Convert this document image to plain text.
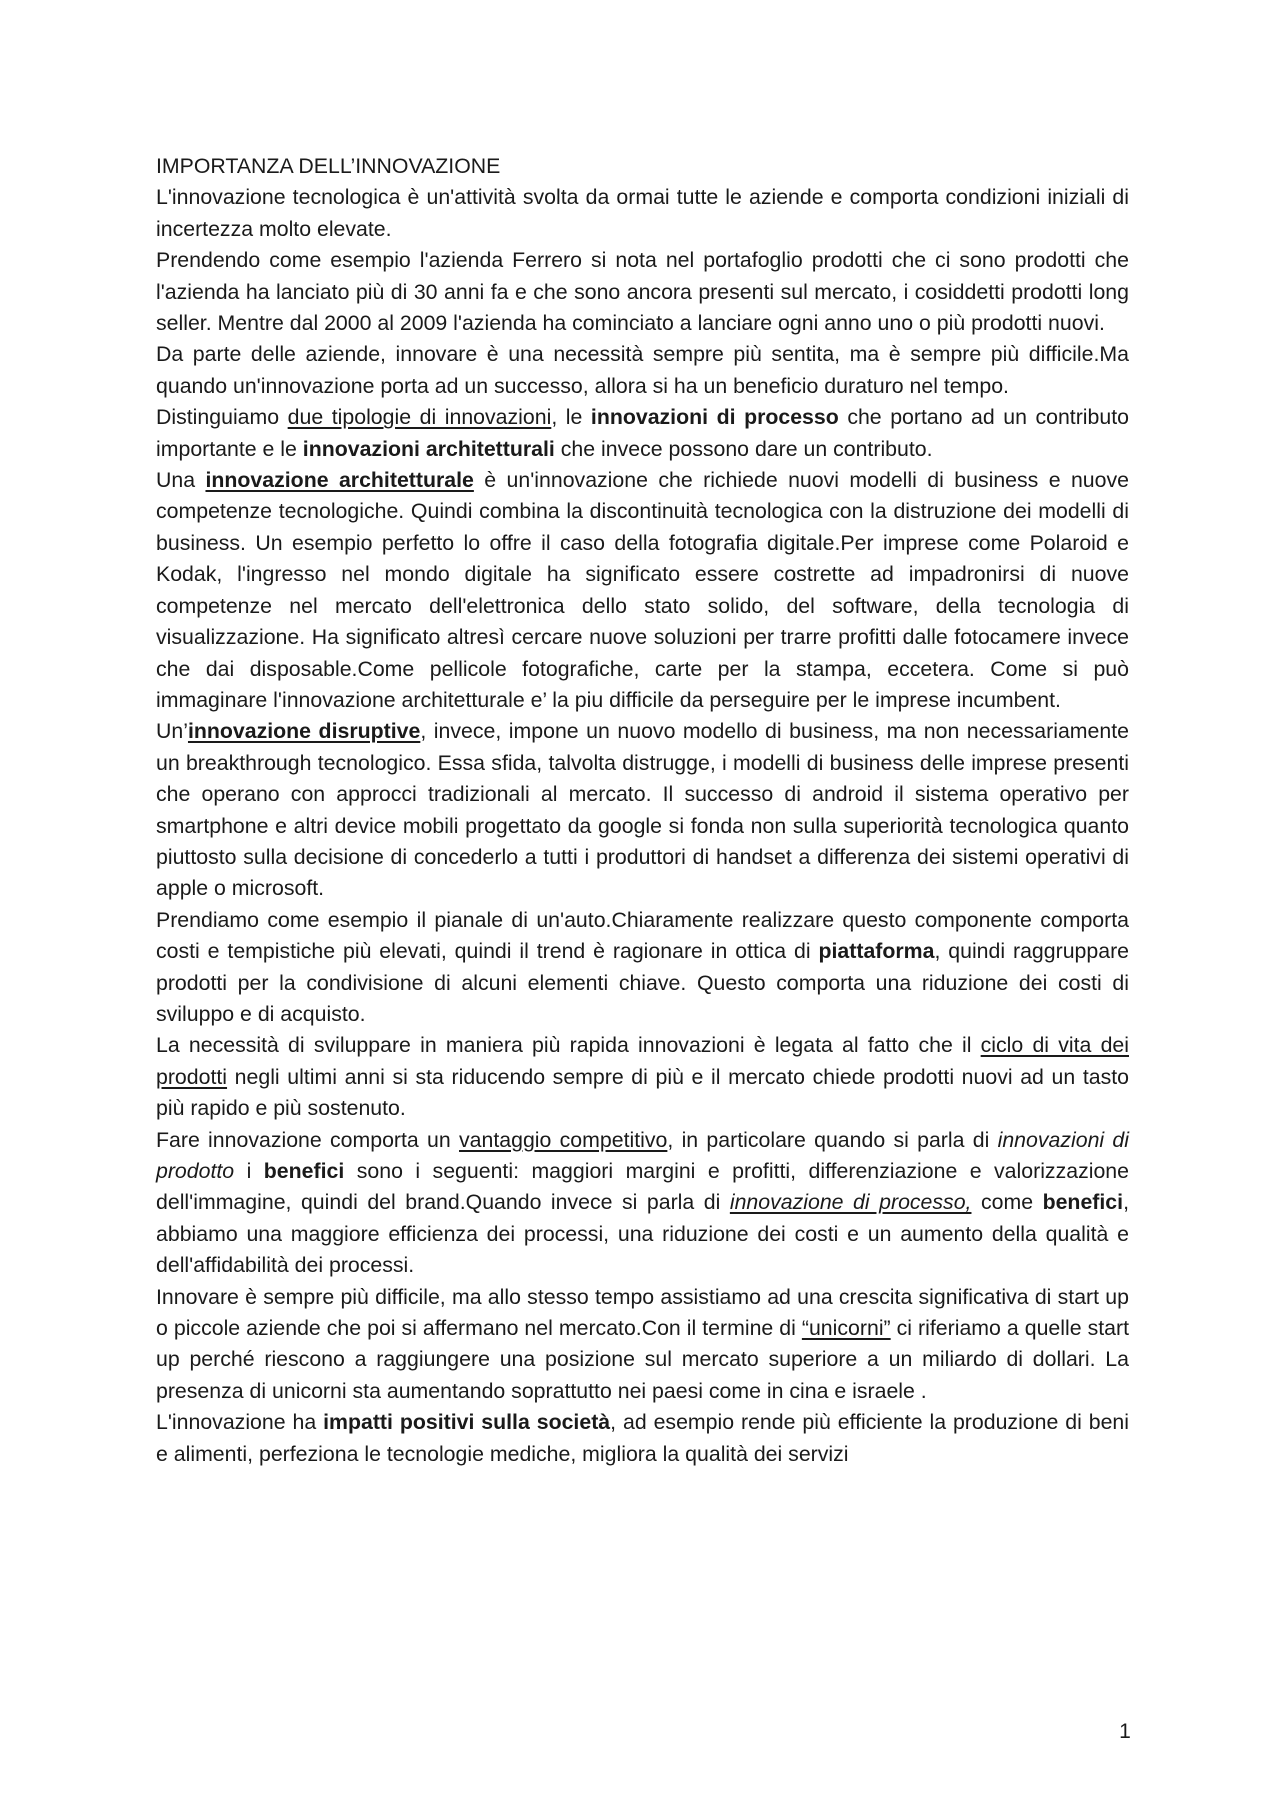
IMPORTANZA DELL’INNOVAZIONE

L'innovazione tecnologica è un'attività svolta da ormai tutte le aziende e comporta condizioni iniziali di incertezza molto elevate.

Prendendo come esempio l'azienda Ferrero si nota nel portafoglio prodotti che ci sono prodotti che l'azienda ha lanciato più di 30 anni fa e che sono ancora presenti sul mercato, i cosiddetti prodotti long seller. Mentre dal 2000 al 2009 l'azienda ha cominciato a lanciare ogni anno uno o più prodotti nuovi.

Da parte delle aziende, innovare è una necessità sempre più sentita, ma è sempre più difficile.Ma quando un'innovazione porta ad un successo, allora si ha un beneficio duraturo nel tempo.

Distinguiamo due tipologie di innovazioni, le innovazioni di processo che portano ad un contributo importante e le innovazioni architetturali che invece possono dare un contributo.

Una innovazione architetturale è un'innovazione che richiede nuovi modelli di business e nuove competenze tecnologiche. Quindi combina la discontinuità tecnologica con la distruzione dei modelli di business. Un esempio perfetto lo offre il caso della fotografia digitale.Per imprese come Polaroid e Kodak, l'ingresso nel mondo digitale ha significato essere costrette ad impadronirsi di nuove competenze nel mercato dell'elettronica dello stato solido, del software, della tecnologia di visualizzazione. Ha significato altresì cercare nuove soluzioni per trarre profitti dalle fotocamere invece che dai disposable.Come pellicole fotografiche, carte per la stampa, eccetera. Come si può immaginare l'innovazione architetturale e’ la piu difficile da perseguire per le imprese incumbent.

Un’innovazione disruptive, invece, impone un nuovo modello di business, ma non necessariamente un breakthrough tecnologico. Essa sfida, talvolta distrugge, i modelli di business delle imprese presenti che operano con approcci tradizionali al mercato. Il successo di android il sistema operativo per smartphone e altri device mobili progettato da google si fonda non sulla superiorità tecnologica quanto piuttosto sulla decisione di concederlo a tutti i produttori di handset a differenza dei sistemi operativi di apple o microsoft.

Prendiamo come esempio il pianale di un'auto.Chiaramente realizzare questo componente comporta costi e tempistiche più elevati, quindi il trend è ragionare in ottica di piattaforma, quindi raggruppare prodotti per la condivisione di alcuni elementi chiave. Questo comporta una riduzione dei costi di sviluppo e di acquisto.

La necessità di sviluppare in maniera più rapida innovazioni è legata al fatto che il ciclo di vita dei prodotti negli ultimi anni si sta riducendo sempre di più e il mercato chiede prodotti nuovi ad un tasto più rapido e più sostenuto.

Fare innovazione comporta un vantaggio competitivo, in particolare quando si parla di innovazioni di prodotto i benefici sono i seguenti: maggiori margini e profitti, differenziazione e valorizzazione dell'immagine, quindi del brand.Quando invece si parla di innovazione di processo, come benefici, abbiamo una maggiore efficienza dei processi, una riduzione dei costi e un aumento della qualità e dell'affidabilità dei processi.

Innovare è sempre più difficile, ma allo stesso tempo assistiamo ad una crescita significativa di start up o piccole aziende che poi si affermano nel mercato.Con il termine di “unicorni” ci riferiamo a quelle start up perché riescono a raggiungere una posizione sul mercato superiore a un miliardo di dollari. La presenza di unicorni sta aumentando soprattutto nei paesi come in cina e israele .

L'innovazione ha impatti positivi sulla società, ad esempio rende più efficiente la produzione di beni e alimenti, perfeziona le tecnologie mediche, migliora la qualità dei servizi

1
